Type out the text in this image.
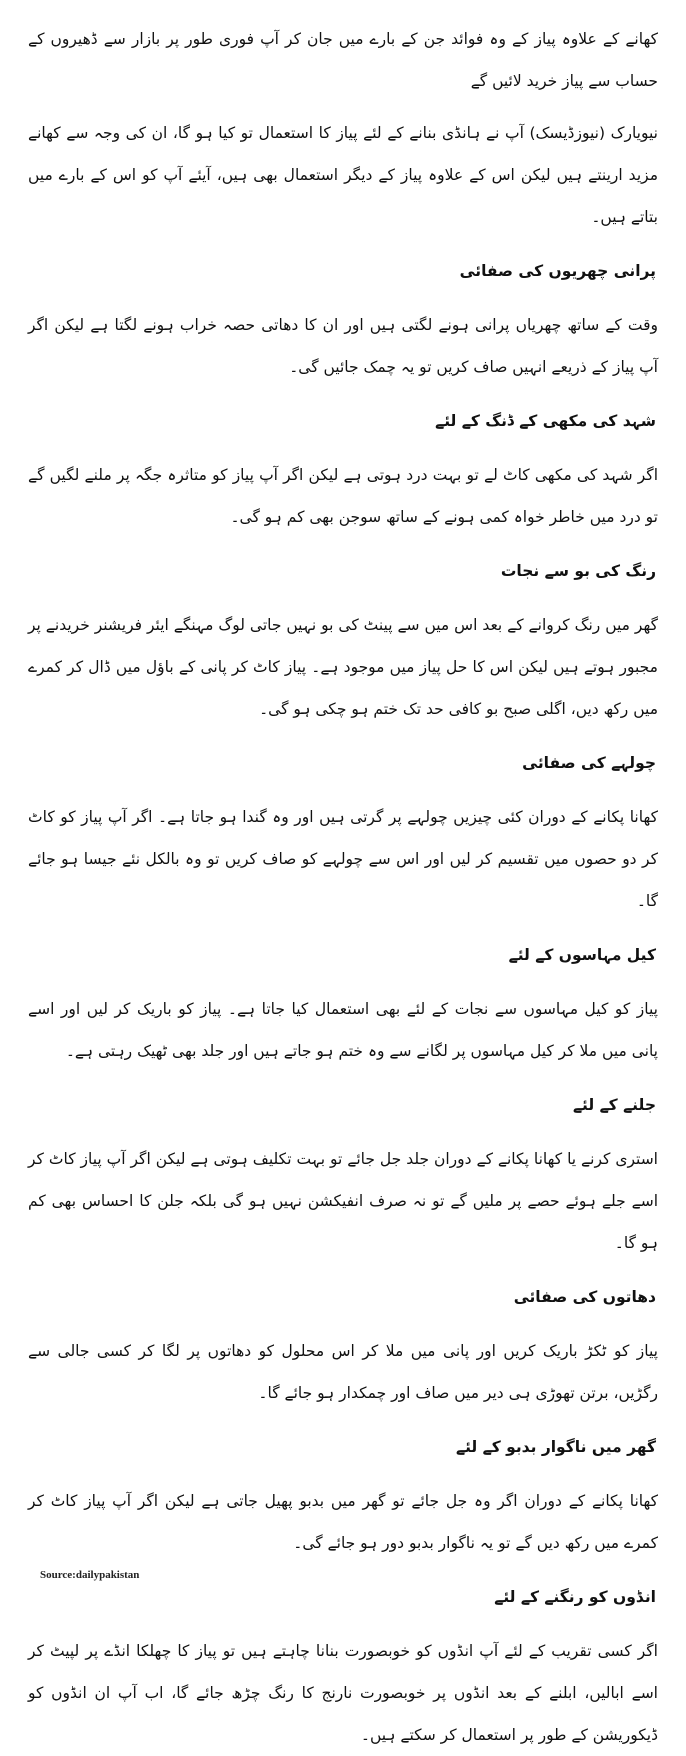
کھانے کے علاوہ پیاز کے وہ فوائد جن کے بارے میں جان کر آپ فوری طور پر بازار سے ڈھیروں کے حساب سے پیاز خرید لائیں گے

نیویارک (نیوزڈیسک) آپ نے ہانڈی بنانے کے لئے پیاز کا استعمال تو کیا ہو گا، ان کی وجہ سے کھانے مزید ارینتے ہیں لیکن اس کے علاوہ پیاز کے دیگر استعمال بھی ہیں، آیئے آپ کو اس کے بارے میں بتاتے ہیں۔

پرانی چھریوں کی صفائی

وقت کے ساتھ چھریاں پرانی ہونے لگتی ہیں اور ان کا دھاتی حصہ خراب ہونے لگتا ہے لیکن اگر آپ پیاز کے ذریعے انہیں صاف کریں تو یہ چمک جائیں گی۔

شہد کی مکھی کے ڈنگ کے لئے

اگر شہد کی مکھی کاٹ لے تو بہت درد ہوتی ہے لیکن اگر آپ پیاز کو متاثرہ جگہ پر ملنے لگیں گے تو درد میں خاطر خواہ کمی ہونے کے ساتھ سوجن بھی کم ہو گی۔

رنگ کی بو سے نجات

گھر میں رنگ کروانے کے بعد اس میں سے پینٹ کی بو نہیں جاتی لوگ مہنگے ایئر فریشنر خریدنے پر مجبور ہوتے ہیں لیکن اس کا حل پیاز میں موجود ہے۔ پیاز کاٹ کر پانی کے باﺅل میں ڈال کر کمرے میں رکھ دیں، اگلی صبح بو کافی حد تک ختم ہو چکی ہو گی۔

چولہے کی صفائی

کھانا پکانے کے دوران کئی چیزیں چولہے پر گرتی ہیں اور وہ گندا ہو جاتا ہے۔ اگر آپ پیاز کو کاٹ کر دو حصوں میں تقسیم کر لیں اور اس سے چولہے کو صاف کریں تو وہ بالکل نئے جیسا ہو جائے گا۔

کیل مہاسوں کے لئے

پیاز کو کیل مہاسوں سے نجات کے لئے بھی استعمال کیا جاتا ہے۔ پیاز کو باریک کر لیں اور اسے پانی میں ملا کر کیل مہاسوں پر لگانے سے وہ ختم ہو جاتے ہیں اور جلد بھی ٹھیک رہتی ہے۔

جلنے کے لئے

استری کرنے یا کھانا پکانے کے دوران جلد جل جائے تو بہت تکلیف ہوتی ہے لیکن اگر آپ پیاز کاٹ کر اسے جلے ہوئے حصے پر ملیں گے تو نہ صرف انفیکشن نہیں ہو گی بلکہ جلن کا احساس بھی کم ہو گا۔

دھاتوں کی صفائی

پیاز کو ٹکڑ باریک کریں اور پانی میں ملا کر اس محلول کو دھاتوں پر لگا کر کسی جالی سے رگڑیں، برتن تھوڑی ہی دیر میں صاف اور چمکدار ہو جائے گا۔

گھر میں ناگوار بدبو کے لئے

کھانا پکانے کے دوران اگر وہ جل جائے تو گھر میں بدبو پھیل جاتی ہے لیکن اگر آپ پیاز کاٹ کر کمرے میں رکھ دیں گے تو یہ ناگوار بدبو دور ہو جائے گی۔

انڈوں کو رنگنے کے لئے

اگر کسی تقریب کے لئے آپ انڈوں کو خوبصورت بنانا چاہتے ہیں تو پیاز کا چھلکا انڈے پر لپیٹ کر اسے ابالیں، ابلنے کے بعد انڈوں پر خوبصورت نارنج کا رنگ چڑھ جائے گا، اب آپ ان انڈوں کو ڈیکوریشن کے طور پر استعمال کر سکتے ہیں۔

Source:dailypakistan
